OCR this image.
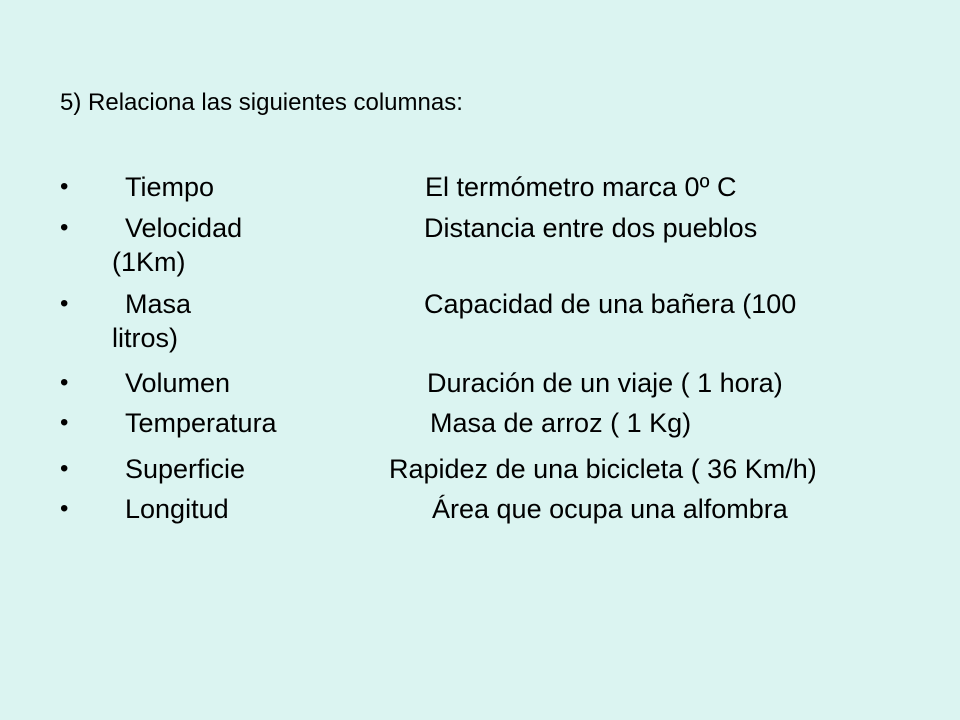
5) Relaciona las siguientes columnas:
• Tiempo	El termómetro marca 0º C
• Velocidad	Distancia entre dos pueblos
(1Km)
• Masa	Capacidad de una bañera (100
litros)
• Volumen	Duración de un viaje ( 1 hora)
• Temperatura	Masa de arroz ( 1 Kg)
• Superficie	Rapidez de una bicicleta ( 36 Km/h)
• Longitud	Área que ocupa una alfombra
